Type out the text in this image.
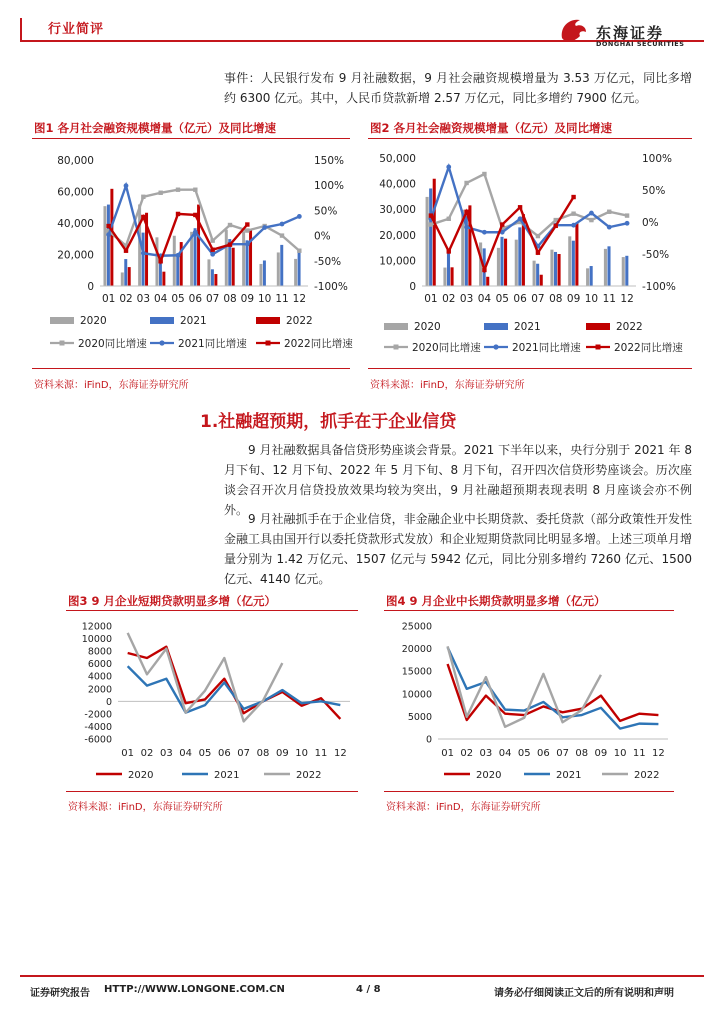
行业简评	东海证券
DONGHAI SECURITIES

事件：人民银行发布 9 月社融数据，9 月社会融资规模增量为 3.53 万亿元，同比多增约 6300 亿元。其中，人民币贷款新增 2.57 万亿元，同比多增约 7900 亿元。

图1 各月社会融资规模增量（亿元）及同比增速
80,000
60,000
40,000
20,000
0
150%
100%
50%
0%
-50%
-100%
01 02 03 04 05 06 07 08 09 10 11 12
2020	2021	2022
2020同比增速	2021同比增速	2022同比增速
资料来源：iFinD，东海证券研究所
图2 各月社会融资规模增量（亿元）及同比增速
50,000
40,000
30,000
20,000
10,000
0
100%
50%
0%
-50%
-100%
01 02 03 04 05 06 07 08 09 10 11 12
2020	2021	2022
2020同比增速	2021同比增速	2022同比增速
资料来源：iFinD，东海证券研究所
1.社融超预期，抓手在于企业信贷

9 月社融数据具备信贷形势座谈会背景。2021 下半年以来，央行分别于 2021 年 8 月下旬、12 月下旬、2022 年 5 月下旬、8 月下旬，召开四次信贷形势座谈会。历次座谈会召开次月信贷投放效果均较为突出，9 月社融超预期表现表明 8 月座谈会亦不例外。

9 月社融抓手在于企业信贷，非金融企业中长期贷款、委托贷款（部分政策性开发性金融工具由国开行以委托贷款形式发放）和企业短期贷款同比明显多增。上述三项单月增量分别为 1.42 万亿元、1507 亿元与 5942 亿元，同比分别多增约 7260 亿元、1500 亿元、4140 亿元。

图3 9 月企业短期贷款明显多增（亿元）
12000
10000
8000
6000
4000
2000
0
-2000
-4000
-6000
01 02 03 04 05 06 07 08 09 10 11 12
2020	2021	2022
资料来源：iFinD，东海证券研究所
图4 9 月企业中长期贷款明显多增（亿元）
25000
20000
15000
10000
5000
0
01 02 03 04 05 06 07 08 09 10 11 12
2020	2021	2022
资料来源：iFinD，东海证券研究所
证券研究报告 HTTP://WWW.LONGONE.COM.CN	4 / 8	请务必仔细阅读正文后的所有说明和声明
